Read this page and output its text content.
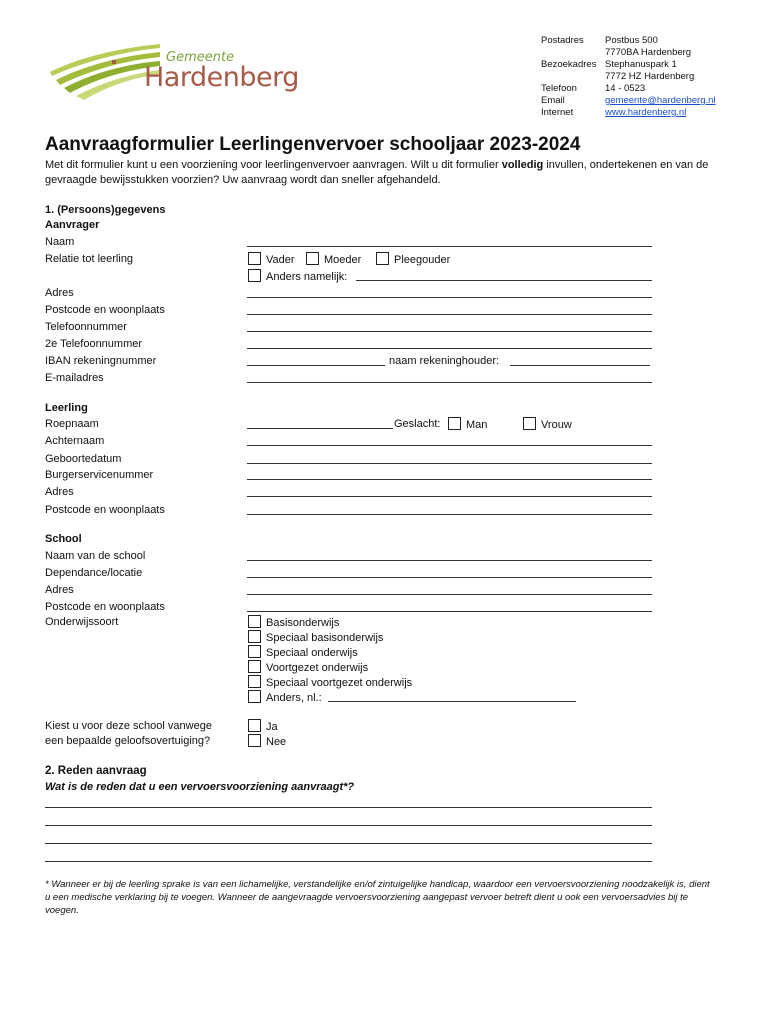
Gemeente
Hardenberg
Postadres Postbus 500
7770BA Hardenberg
Bezoekadres Stephanuspark 1
7772 HZ Hardenberg
Telefoon	14 - 0523
Email	gemeente@hardenberg.nl
Internet	www.hardenberg.nl
Aanvraagformulier Leerlingenvervoer schooljaar 2023-2024
Met dit formulier kunt u een voorziening voor leerlingenvervoer aanvragen. Wilt u dit formulier volledig invullen, ondertekenen en van de gevraagde bewijsstukken voorzien? Uw aanvraag wordt dan sneller afgehandeld.
1. (Persoons)gegevens
Aanvrager
Naam
Relatie tot leerling	Vader	Moeder	Pleegouder
Anders namelijk:
Adres
Postcode en woonplaats
Telefoonnummer
2e Telefoonnummer
IBAN rekeningnummer	naam rekeninghouder:
E-mailadres
Leerling
Roepnaam	Geslacht:	Man	Vrouw
Achternaam
Geboortedatum
Burgerservicenummer
Adres
Postcode en woonplaats
School
Naam van de school
Dependance/locatie
Adres
Postcode en woonplaats
Onderwijssoort	Basisonderwijs
Speciaal basisonderwijs
Speciaal onderwijs
Voortgezet onderwijs
Speciaal voortgezet onderwijs
Anders, nl.:
Kiest u voor deze school vanwege
een bepaalde geloofsovertuiging?
Ja
Nee
2. Reden aanvraag
Wat is de reden dat u een vervoersvoorziening aanvraagt*?
* Wanneer er bij de leerling sprake is van een lichamelijke, verstandelijke en/of zintuigelijke handicap, waardoor een vervoersvoorziening noodzakelijk is, dient u een medische verklaring bij te voegen. Wanneer de aangevraagde vervoersvoorziening aangepast vervoer betreft dient u ook een vervoersadvies bij te voegen.
